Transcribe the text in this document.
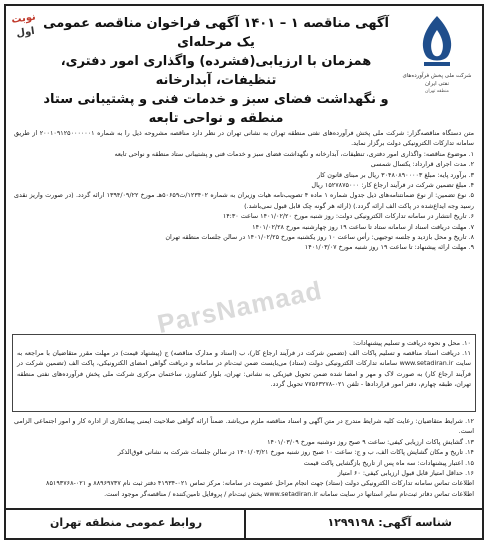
شرکت ملی پخش فرآورده‌های نفتی ایران
منطقه تهران
آگهی مناقصه ۱ – ۱۴۰۱ آگهی فراخوان مناقصه عمومی یک مرحله‌ای
همزمان با ارزیابی(فشرده) واگذاری امور دفتری، تنظیفات، آبدارخانه
و نگهداشت فضای سبز و خدمات فنی و پشتیبانی ستاد منطقه و نواحی تابعه
نوبت
اول

متن دستگاه مناقصه‌گزار: شرکت ملی پخش فرآورده‌های نفتی منطقه تهران به نشانی تهران در نظر دارد مناقصه مشروحه ذیل را به شماره ۲۰۰۱۰۹۱۲۵۰۰۰۰۰۰۱ از طریق سامانه تدارکات الکترونیکی دولت برگزار نماید.

۱. موضوع مناقصه: واگذاری امور دفتری، تنظیفات، آبدارخانه و نگهداشت فضای سبز و خدمات فنی و پشتیبانی ستاد منطقه و نواحی تابعه

۲. مدت اجرای قرارداد: یکسال شمسی

۳. برآورد پایه: مبلغ ۳۰۴۸۰۸۹۰۰۰۰۳ ریال بر مبنای قانون کار

۴. مبلغ تضمین شرکت در فرآیند ارجاع کار: ۱۵۲۷۸۷۵۰۰۰ ریال

۵. نوع تضمین: از نوع ضمانتنامه‌های ذیل جدول شماره ۱ ماده ۴ تصویب‌نامه هیات وزیران به شماره ۱۲۳۴۰۲/ت۵۰۶۵۹هـ مورخ ۱۳۹۴/۰۹/۲۲ ارائه گردد. (در صورت واریز نقدی رسید وجه ایداع‌شده در پاکت الف ارائه گردد.) (ارائه هر گونه چک قابل قبول نمی‌باشد.)

۶. تاریخ انتشار در سامانه تدارکات الکترونیکی دولت: روز شنبه مورخ ۱۴۰۱/۰۲/۲۰ ساعت ۱۴:۳۰

۷. مهلت دریافت اسناد از سامانه ستاد تا ساعت ۱۹ روز چهارشنبه مورخ ۱۴۰۱/۰۲/۲۸

۸. تاریخ و محل بازدید و جلسه توجیهی: رأس ساعت ۱۰ روز یکشنبه مورخ ۱۴۰۱/۰۲/۲۵ در سالن جلسات منطقه تهران

۹. مهلت ارائه پیشنهاد: تا ساعت ۱۹ روز شنبه مورخ ۱۴۰۱/۰۳/۰۷

ParsNamaad

۱۰. محل و نحوه دریافت و تسلیم پیشنهادات:

۱۱. دریافت اسناد مناقصه و تسلیم پاکات الف (تضمین شرکت در فرآیند ارجاع کار)، ب (اسناد و مدارک مناقصه) ج (پیشنهاد قیمت) در مهلت مقرر متقاضیان با مراجعه به سایت www.setadiran.ir سامانه تدارکات الکترونیکی دولت (ستاد) می‌بایست ضمن ثبت‌نام در سامانه و دریافت گواهی امضای الکترونیکی، پاکت الف (تضمین شرکت در فرآیند ارجاع کار) به صورت لاک و مهر و امضا شده ضمن تحویل فیزیکی به نشانی: تهران، بلوار کشاورز، ساختمان مرکزی شرکت ملی پخش فرآورده‌های نفتی منطقه تهران، طبقه چهارم، دفتر امور قراردادها - تلفن ۰۲۱-۷۷۵۶۳۲۷۸ تحویل گردد.

۱۲. شرایط متقاضیان: رعایت کلیه شرایط مندرج در متن آگهی و اسناد مناقصه ملزم می‌باشد. ضمناً ارائه گواهی صلاحیت ایمنی پیمانکاری از اداره کار و امور اجتماعی الزامی است.

۱۳. گشایش پاکات ارزیابی کیفی: ساعت ۹ صبح روز دوشنبه مورخ ۱۴۰۱/۰۳/۰۹

۱۴. تاریخ و مکان گشایش پاکات الف، ب و ج: ساعت ۱۰ صبح روز شنبه مورخ ۱۴۰۱/۰۳/۲۱ در سالن جلسات شرکت به نشانی فوق‌الذکر

۱۵. اعتبار پیشنهادات: سه ماه پس از تاریخ بازگشایی پاکت قیمت

۱۶. حداقل امتیاز قابل قبول ارزیابی کیفی: ۶۰ امتیاز

اطلاعات تماس سامانه تدارکات الکترونیکی دولت (ستاد) جهت انجام مراحل عضویت در سامانه: مرکز تماس ۰۲۱-۴۱۹۳۴ دفتر ثبت نام ۸۸۹۶۹۷۳۷ و ۰۲۱-۸۵۱۹۳۷۶۸

اطلاعات تماس دفاتر ثبت‌نام سایر استانها در سایت سامانه www.setadiran.ir بخش ثبت‌نام / پروفایل تامین‌کننده / مناقصه‌گر موجود است.

شناسه آگهی: ۱۲۹۹۱۹۸
روابط عمومی منطقه تهران
